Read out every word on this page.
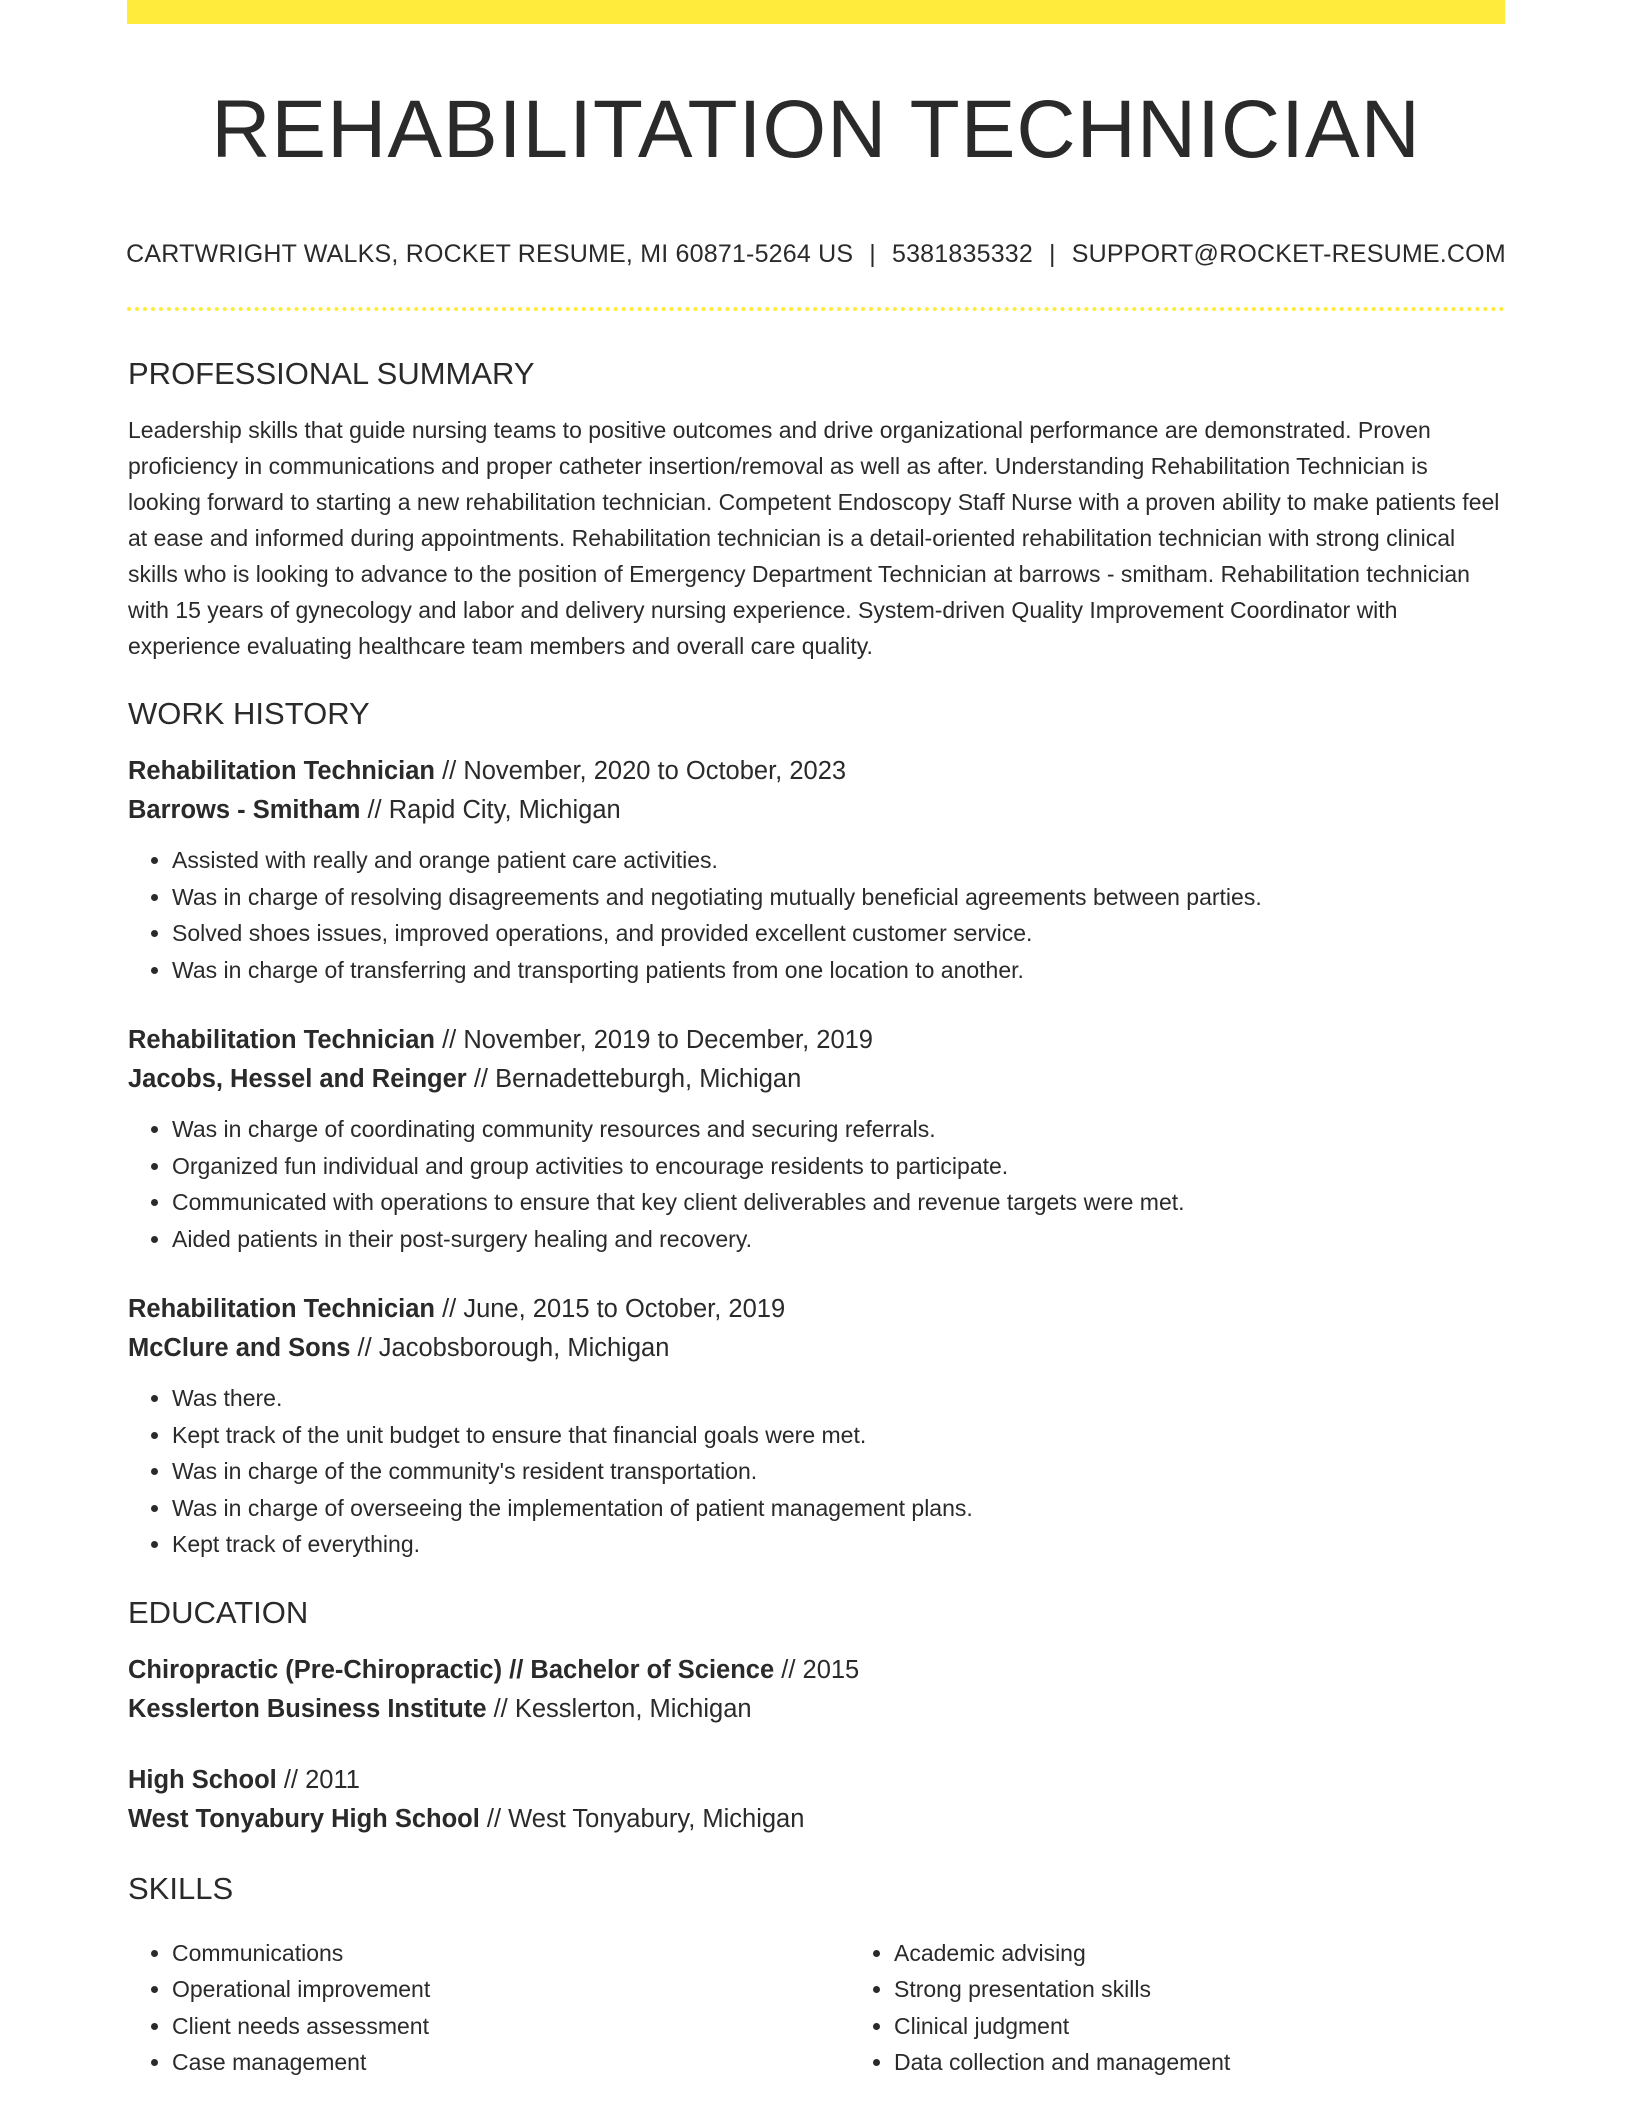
REHABILITATION TECHNICIAN
CARTWRIGHT WALKS, ROCKET RESUME, MI 60871-5264 US | 5381835332 | SUPPORT@ROCKET-RESUME.COM
PROFESSIONAL SUMMARY

Leadership skills that guide nursing teams to positive outcomes and drive organizational performance are demonstrated. Proven proficiency in communications and proper catheter insertion/removal as well as after. Understanding Rehabilitation Technician is looking forward to starting a new rehabilitation technician. Competent Endoscopy Staff Nurse with a proven ability to make patients feel at ease and informed during appointments. Rehabilitation technician is a detail-oriented rehabilitation technician with strong clinical skills who is looking to advance to the position of Emergency Department Technician at barrows - smitham. Rehabilitation technician with 15 years of gynecology and labor and delivery nursing experience. System-driven Quality Improvement Coordinator with experience evaluating healthcare team members and overall care quality.

WORK HISTORY
Rehabilitation Technician // November, 2020 to October, 2023
Barrows - Smitham // Rapid City, Michigan
• Assisted with really and orange patient care activities.
• Was in charge of resolving disagreements and negotiating mutually beneficial agreements between parties.
• Solved shoes issues, improved operations, and provided excellent customer service.
• Was in charge of transferring and transporting patients from one location to another.
Rehabilitation Technician // November, 2019 to December, 2019
Jacobs, Hessel and Reinger // Bernadetteburgh, Michigan
• Was in charge of coordinating community resources and securing referrals.
• Organized fun individual and group activities to encourage residents to participate.
• Communicated with operations to ensure that key client deliverables and revenue targets were met.
• Aided patients in their post-surgery healing and recovery.
Rehabilitation Technician // June, 2015 to October, 2019
McClure and Sons // Jacobsborough, Michigan
• Was there.
• Kept track of the unit budget to ensure that financial goals were met.
• Was in charge of the community's resident transportation.
• Was in charge of overseeing the implementation of patient management plans.
• Kept track of everything.
EDUCATION
Chiropractic (Pre-Chiropractic) // Bachelor of Science // 2015
Kesslerton Business Institute // Kesslerton, Michigan
High School // 2011
West Tonyabury High School // West Tonyabury, Michigan
SKILLS
• Communications
• Operational improvement
• Client needs assessment
• Case management
• Academic advising
• Strong presentation skills
• Clinical judgment
• Data collection and management
